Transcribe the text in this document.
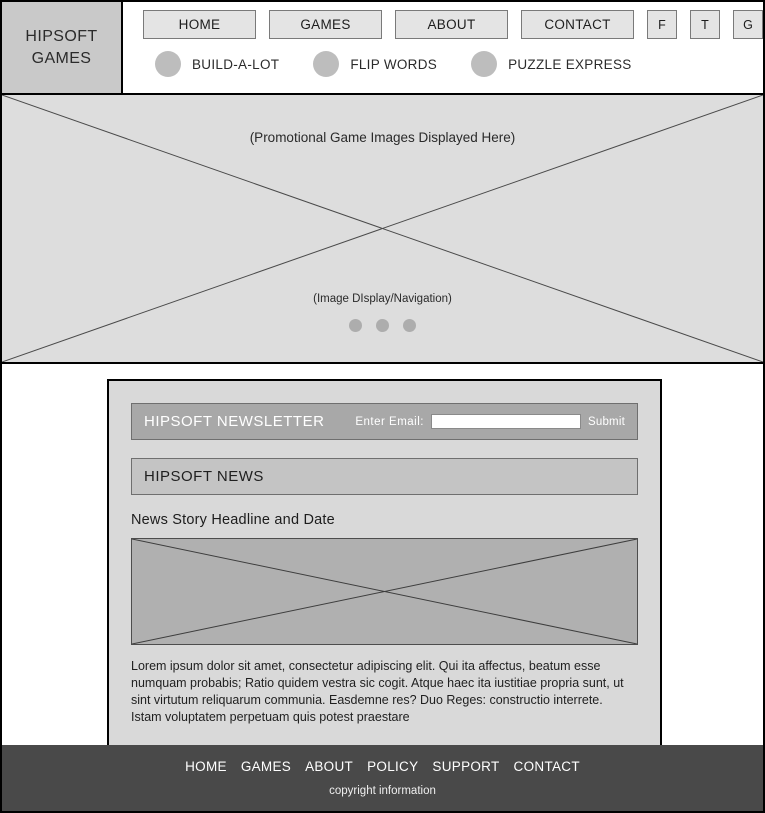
HIPSOFT
GAMES
HOME	GAMES	ABOUT	CONTACT	F	T	G
BUILD-A-LOT	FLIP WORDS	PUZZLE EXPRESS
(Promotional Game Images Displayed Here)
(Image DIsplay/Navigation)
HIPSOFT NEWSLETTER	Enter Email:	Submit
HIPSOFT NEWS
News Story Headline and Date
Lorem ipsum dolor sit amet, consectetur adipiscing elit. Qui ita affectus, beatum esse numquam probabis; Ratio quidem vestra sic cogit. Atque haec ita iustitiae propria sunt, ut sint virtutum reliquarum communia. Easdemne res? Duo Reges: constructio interrete. Istam voluptatem perpetuam quis potest praestare
HOME GAMES ABOUT POLICY SUPPORT CONTACT
copyright information
